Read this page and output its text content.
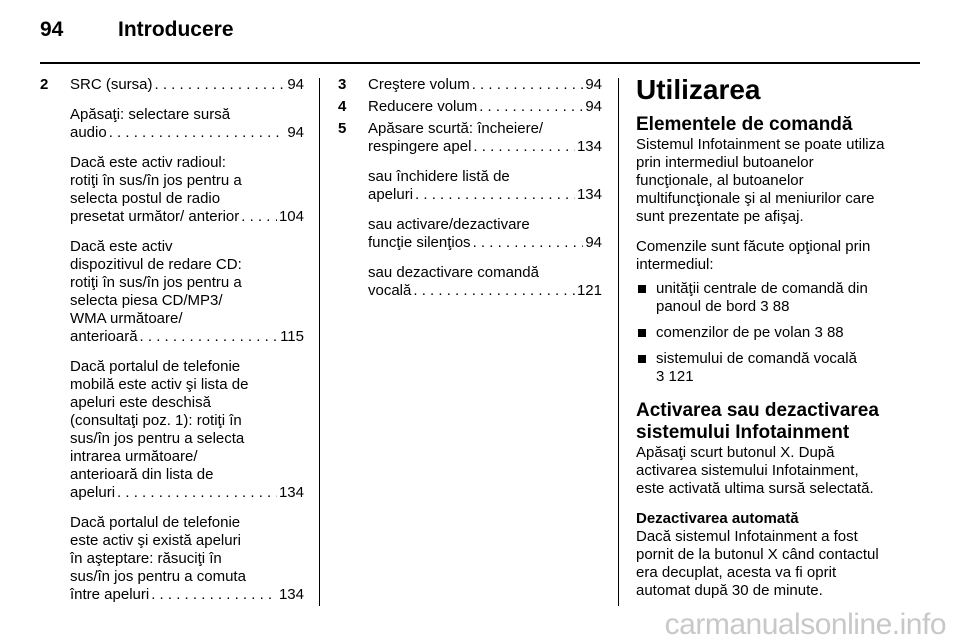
94	Introducere
2 SRC (sursa) . . .	94
Apăsaţi: selectare sursă
audio . . .	94
Dacă este activ radioul:
rotiţi în sus/în jos pentru a
selecta postul de radio
presetat următor/ anterior . . .	104
Dacă este activ
dispozitivul de redare CD:
rotiţi în sus/în jos pentru a
selecta piesa CD/MP3/
WMA următoare/
anterioară . . .	115
Dacă portalul de telefonie
mobilă este activ şi lista de
apeluri este deschisă
(consultaţi poz. 1): rotiţi în
sus/în jos pentru a selecta
intrarea următoare/
anterioară din lista de
apeluri . . .	134
Dacă portalul de telefonie
este activ şi există apeluri
în aşteptare: răsuciţi în
sus/în jos pentru a comuta
între apeluri . . .	134
3 Creştere volum . . .	94
4 Reducere volum . . .	94
5 Apăsare scurtă: încheiere/
respingere apel . . .	134
sau închidere listă de
apeluri . . .	134
sau activare/dezactivare
funcţie silenţios . . .	94
sau dezactivare comandă
vocală . . .	121
Utilizarea
Elementele de comandă
Sistemul Infotainment se poate utiliza
prin intermediul butoanelor
funcţionale, al butoanelor
multifuncţionale şi al meniurilor care
sunt prezentate pe afişaj.
Comenzile sunt făcute opţional prin
intermediul:
unităţii centrale de comandă din
panoul de bord 3 88
comenzilor de pe volan 3 88
sistemului de comandă vocală
3 121
Activarea sau dezactivarea
sistemului Infotainment
Apăsaţi scurt butonul X. După
activarea sistemului Infotainment,
este activată ultima sursă selectată.
Dezactivarea automată
Dacă sistemul Infotainment a fost
pornit de la butonul X când contactul
era decuplat, acesta va fi oprit
automat după 30 de minute.
carmanualsonline.info
